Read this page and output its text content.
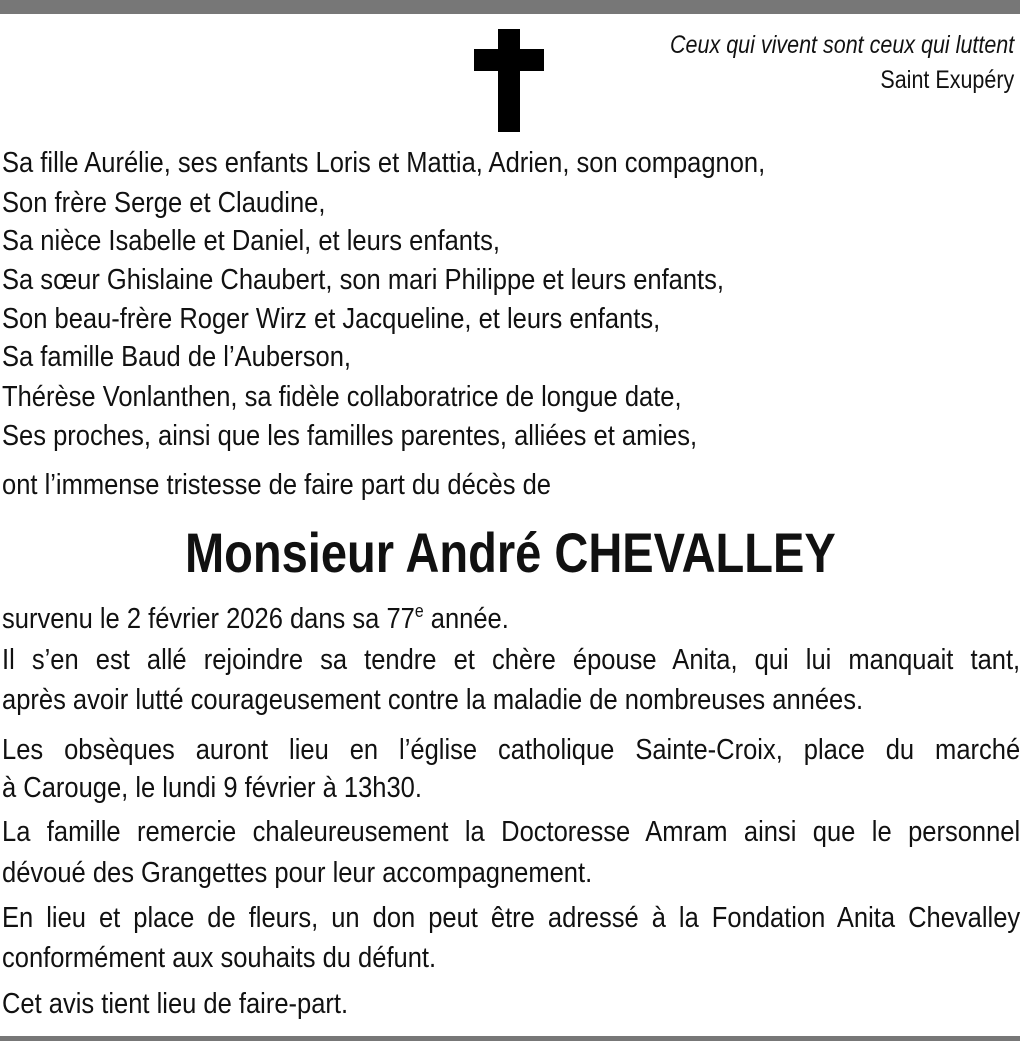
Ceux qui vivent sont ceux qui luttent
Saint Exupéry
Sa fille Aurélie, ses enfants Loris et Mattia, Adrien, son compagnon,
Son frère Serge et Claudine,
Sa nièce Isabelle et Daniel, et leurs enfants,
Sa sœur Ghislaine Chaubert, son mari Philippe et leurs enfants,
Son beau-frère Roger Wirz et Jacqueline, et leurs enfants,
Sa famille Baud de l’Auberson,
Thérèse Vonlanthen, sa fidèle collaboratrice de longue date,
Ses proches, ainsi que les familles parentes, alliées et amies,
ont l’immense tristesse de faire part du décès de
survenu le 2 février 2026 dans sa 77e année.
Il s’en est allé rejoindre sa tendre et chère épouse Anita, qui lui manquait tant,
après avoir lutté courageusement contre la maladie de nombreuses années.
Les obsèques auront lieu en l’église catholique Sainte-Croix, place du marché
à Carouge, le lundi 9 février à 13h30.
La famille remercie chaleureusement la Doctoresse Amram ainsi que le personnel
dévoué des Grangettes pour leur accompagnement.
En lieu et place de fleurs, un don peut être adressé à la Fondation Anita Chevalley
conformément aux souhaits du défunt.
Cet avis tient lieu de faire-part.
Monsieur André CHEVALLEY
